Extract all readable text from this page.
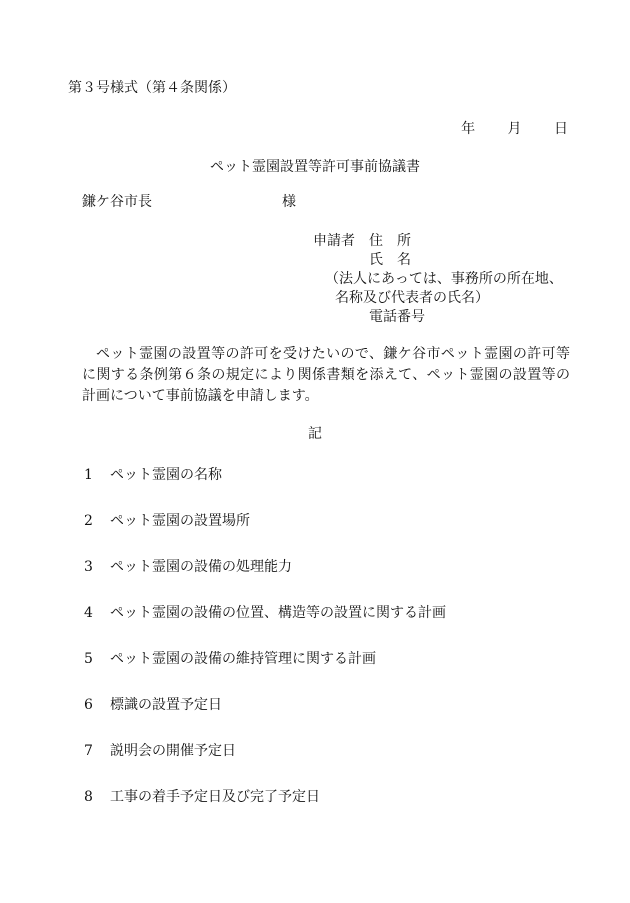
第３号様式（第４条関係）
年 月 日
ペット霊園設置等許可事前協議書
鎌ケ谷市長	様
申請者 住　所
氏　名
（法人にあっては、事務所の所在地、
名称及び代表者の氏名）
電話番号
ペット霊園の設置等の許可を受けたいので、鎌ケ谷市ペット霊園の許可等に関する条例第６条の規定により関係書類を添えて、ペット霊園の設置等の計画について事前協議を申請します。
記
1 ペット霊園の名称
2 ペット霊園の設置場所
3 ペット霊園の設備の処理能力
4 ペット霊園の設備の位置、構造等の設置に関する計画
5 ペット霊園の設備の維持管理に関する計画
6 標識の設置予定日
7 説明会の開催予定日
8 工事の着手予定日及び完了予定日
